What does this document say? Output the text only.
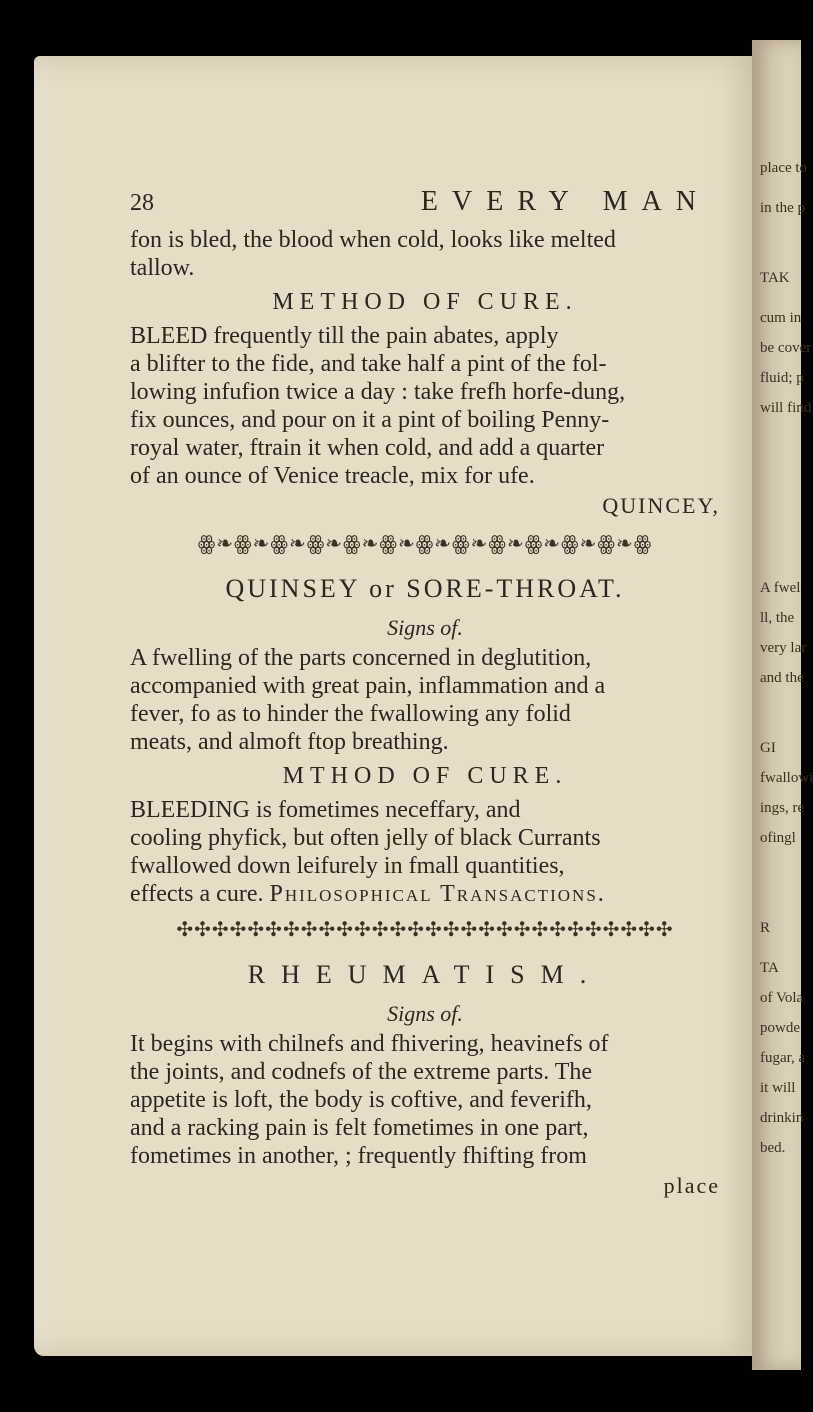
28	EVERY MAN
fon is bled, the blood when cold, looks like melted
tallow.
METHOD OF CURE.
BLEED frequently till the pain abates, apply
a blifter to the fide, and take half a pint of the fol-
lowing infufion twice a day : take frefh horfe-dung,
fix ounces, and pour on it a pint of boiling Penny-
royal water, ftrain it when cold, and add a quarter
of an ounce of Venice treacle, mix for ufe.
QUINCEY,
ꙮ❧ꙮ❧ꙮ❧ꙮ❧ꙮ❧ꙮ❧ꙮ❧ꙮ❧ꙮ❧ꙮ❧ꙮ❧ꙮ❧ꙮ
QUINSEY or SORE-THROAT.
Signs of.
A fwelling of the parts concerned in deglutition,
accompanied with great pain, inflammation and a
fever, fo as to hinder the fwallowing any folid
meats, and almoft ftop breathing.
MTHOD OF CURE.
BLEEDING is fometimes neceffary, and
cooling phyfick, but often jelly of black Currants
fwallowed down leifurely in fmall quantities,
effects a cure. Philosophical Transactions.
✣✣✣✣✣✣✣✣✣✣✣✣✣✣✣✣✣✣✣✣✣✣✣✣✣✣✣✣
RHEUMATISM.
Signs of.
It begins with chilnefs and fhivering, heavinefs of
the joints, and codnefs of the extreme parts. The
appetite is loft, the body is coftive, and feverifh,
and a racking pain is felt fometimes in one part,
fometimes in another, ; frequently fhifting from
place
place to
in the p
TAK
cum in
be cover
fluid; p
will find
A fwel
ll, the
very lar
and the
GI
fwallowi
ings, re
ofingl
R
TA
of Vola
powde
fugar, a
it will
drinkin
bed.
